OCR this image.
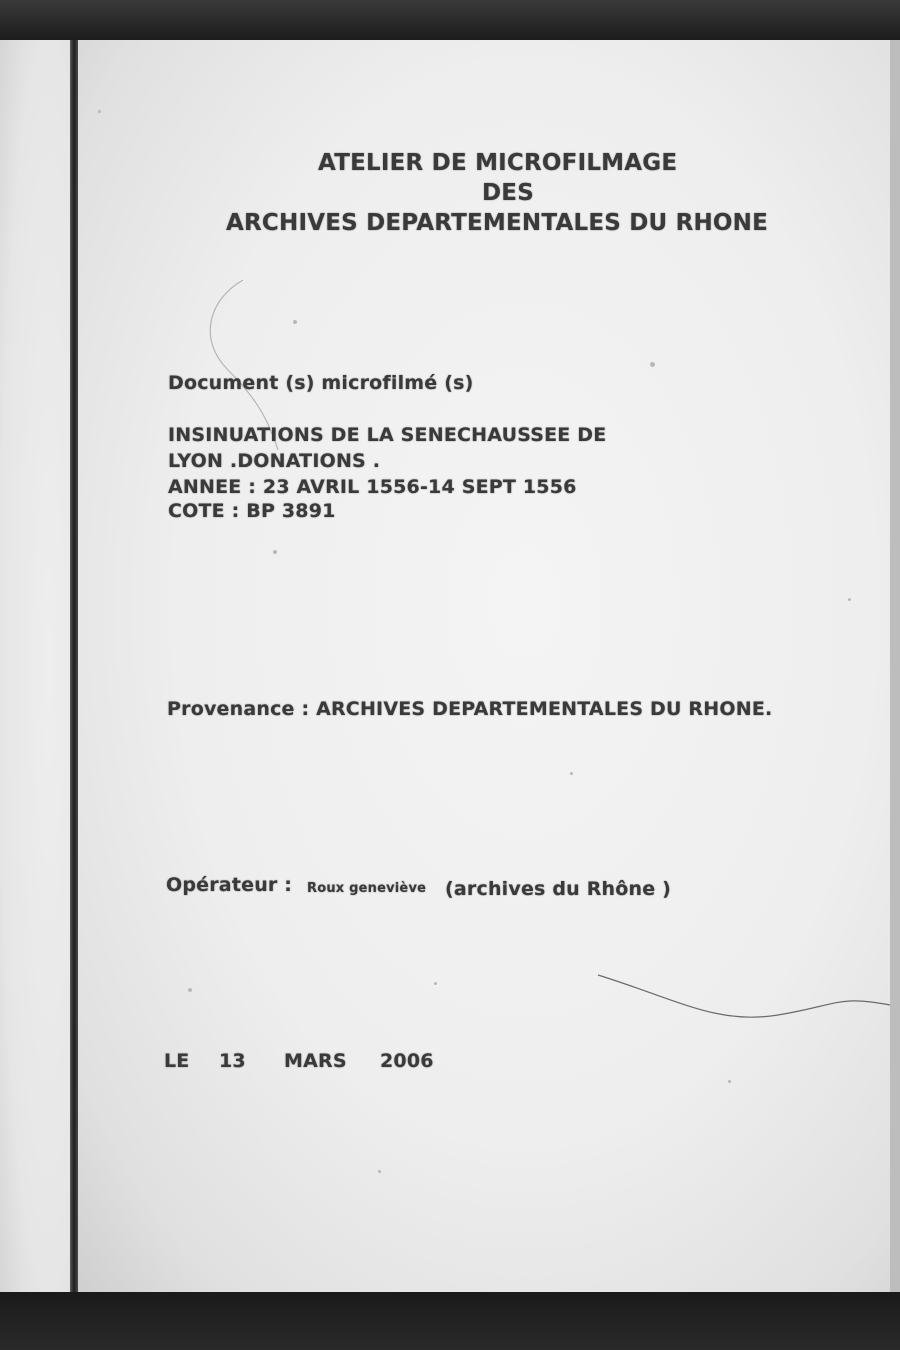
ATELIER DE MICROFILMAGE
DES
ARCHIVES DEPARTEMENTALES DU RHONE
Document (s) microfilmé (s)
INSINUATIONS DE LA SENECHAUSSEE DE
LYON .DONATIONS .
ANNEE : 23 AVRIL 1556-14 SEPT 1556
COTE : BP 3891
Provenance : ARCHIVES DEPARTEMENTALES DU RHONE.
Opérateur : Roux geneviève (archives du Rhône )
LE 13 MARS 2006
